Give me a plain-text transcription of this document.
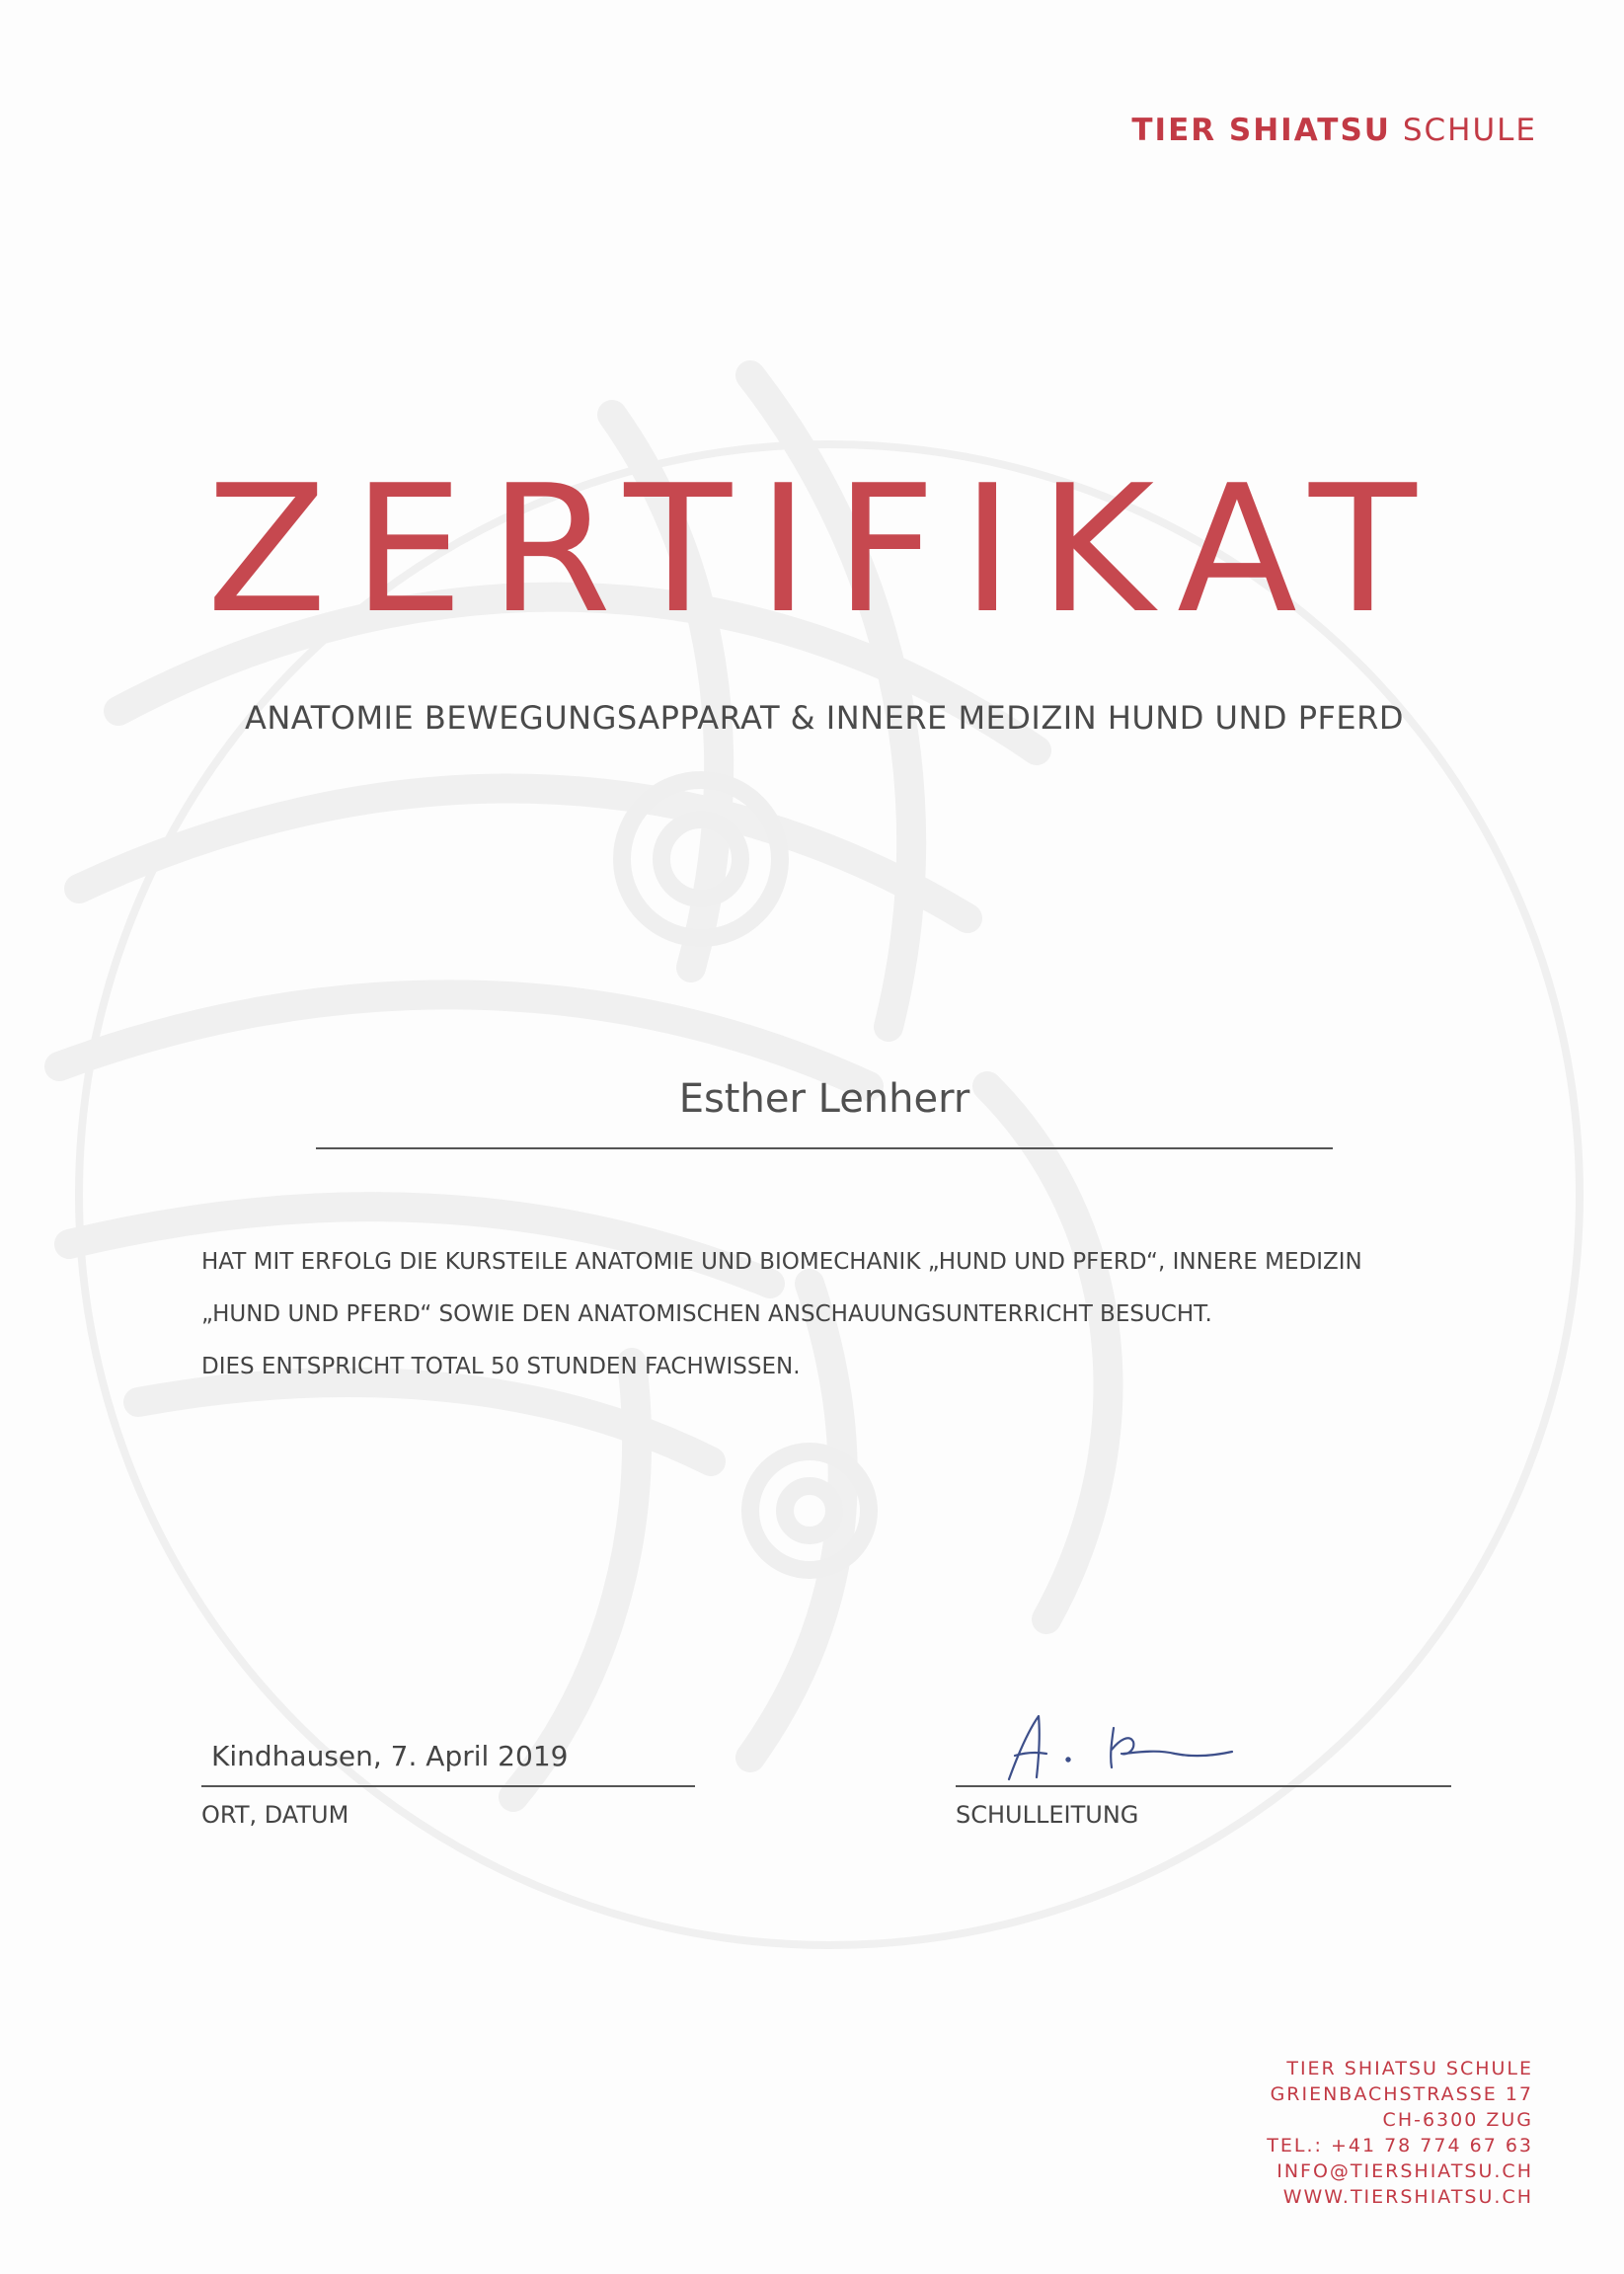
TIER SHIATSU SCHULE
ZERTIFIKAT
ANATOMIE BEWEGUNGSAPPARAT & INNERE MEDIZIN HUND UND PFERD
Esther Lenherr
HAT MIT ERFOLG DIE KURSTEILE ANATOMIE UND BIOMECHANIK „HUND UND PFERD“, INNERE MEDIZIN
„HUND UND PFERD“ SOWIE DEN ANATOMISCHEN ANSCHAUUNGSUNTERRICHT BESUCHT.
DIES ENTSPRICHT TOTAL 50 STUNDEN FACHWISSEN.
Kindhausen, 7. April 2019
ORT, DATUM	SCHULLEITUNG
TIER SHIATSU SCHULE
GRIENBACHSTRASSE 17
CH-6300 ZUG
TEL.: +41 78 774 67 63
INFO@TIERSHIATSU.CH
WWW.TIERSHIATSU.CH
